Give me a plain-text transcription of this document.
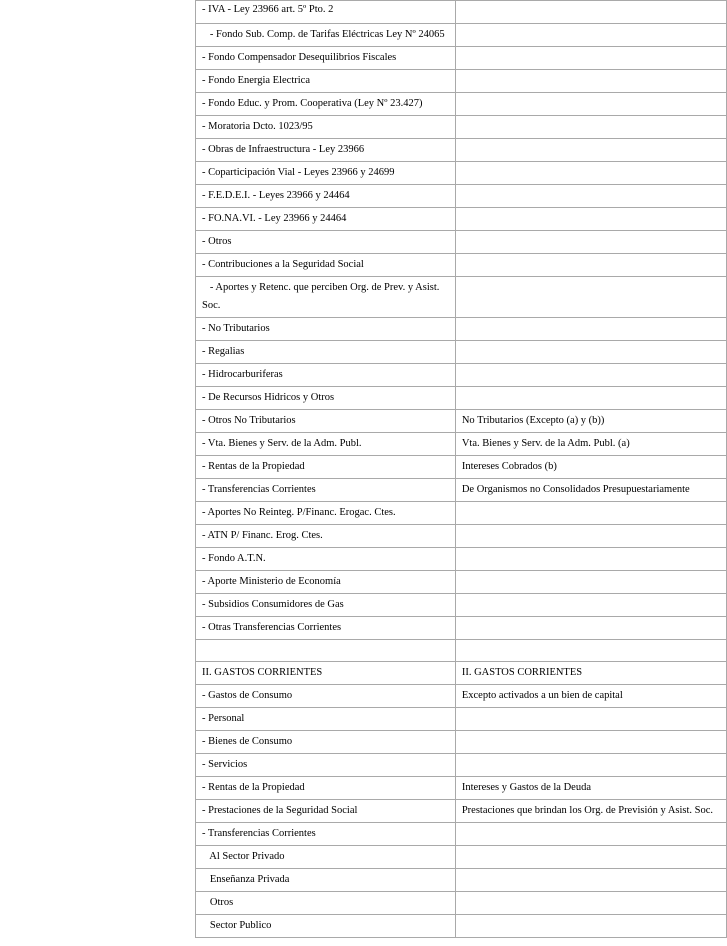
- IVA - Ley 23966 art. 5º Pto. 2	
- Fondo Sub. Comp. de Tarifas Eléctricas Ley Nº 24065	
- Fondo Compensador Desequilibrios Fiscales	
- Fondo Energia Electrica	
- Fondo Educ. y Prom. Cooperativa (Ley Nº 23.427)	
- Moratoria Dcto. 1023/95	
- Obras de Infraestructura - Ley 23966	
- Coparticipación Vial - Leyes 23966 y 24699	
- F.E.D.E.I. - Leyes 23966 y 24464	
- FO.NA.VI. - Ley 23966 y 24464	
- Otros	
- Contribuciones a la Seguridad Social	
- Aportes y Retenc. que perciben Org. de Prev. y Asist. Soc.	
- No Tributarios	
- Regalias	
- Hidrocarburiferas	
- De Recursos Hidricos y Otros	
- Otros No Tributarios	No Tributarios (Excepto (a) y (b))
- Vta. Bienes y Serv. de la Adm. Publ.	Vta. Bienes y Serv. de la Adm. Publ. (a)
- Rentas de la Propiedad	Intereses Cobrados (b)
- Transferencias Corrientes	De Organismos no Consolidados Presupuestariamente
- Aportes No Reinteg. P/Financ. Erogac. Ctes.	
- ATN P/ Financ. Erog. Ctes.	
- Fondo A.T.N.	
- Aporte Ministerio de Economía	
- Subsidios Consumidores de Gas	
- Otras Transferencias Corrientes	

II. GASTOS CORRIENTES	II. GASTOS CORRIENTES
- Gastos de Consumo	Excepto activados a un bien de capital
- Personal	
- Bienes de Consumo	
- Servicios	
- Rentas de la Propiedad	Intereses y Gastos de la Deuda
- Prestaciones de la Seguridad Social	Prestaciones que brindan los Org. de Previsión y Asist. Soc.
- Transferencias Corrientes	
Al Sector Privado	
Enseñanza Privada	
Otros	
Sector Publico	
